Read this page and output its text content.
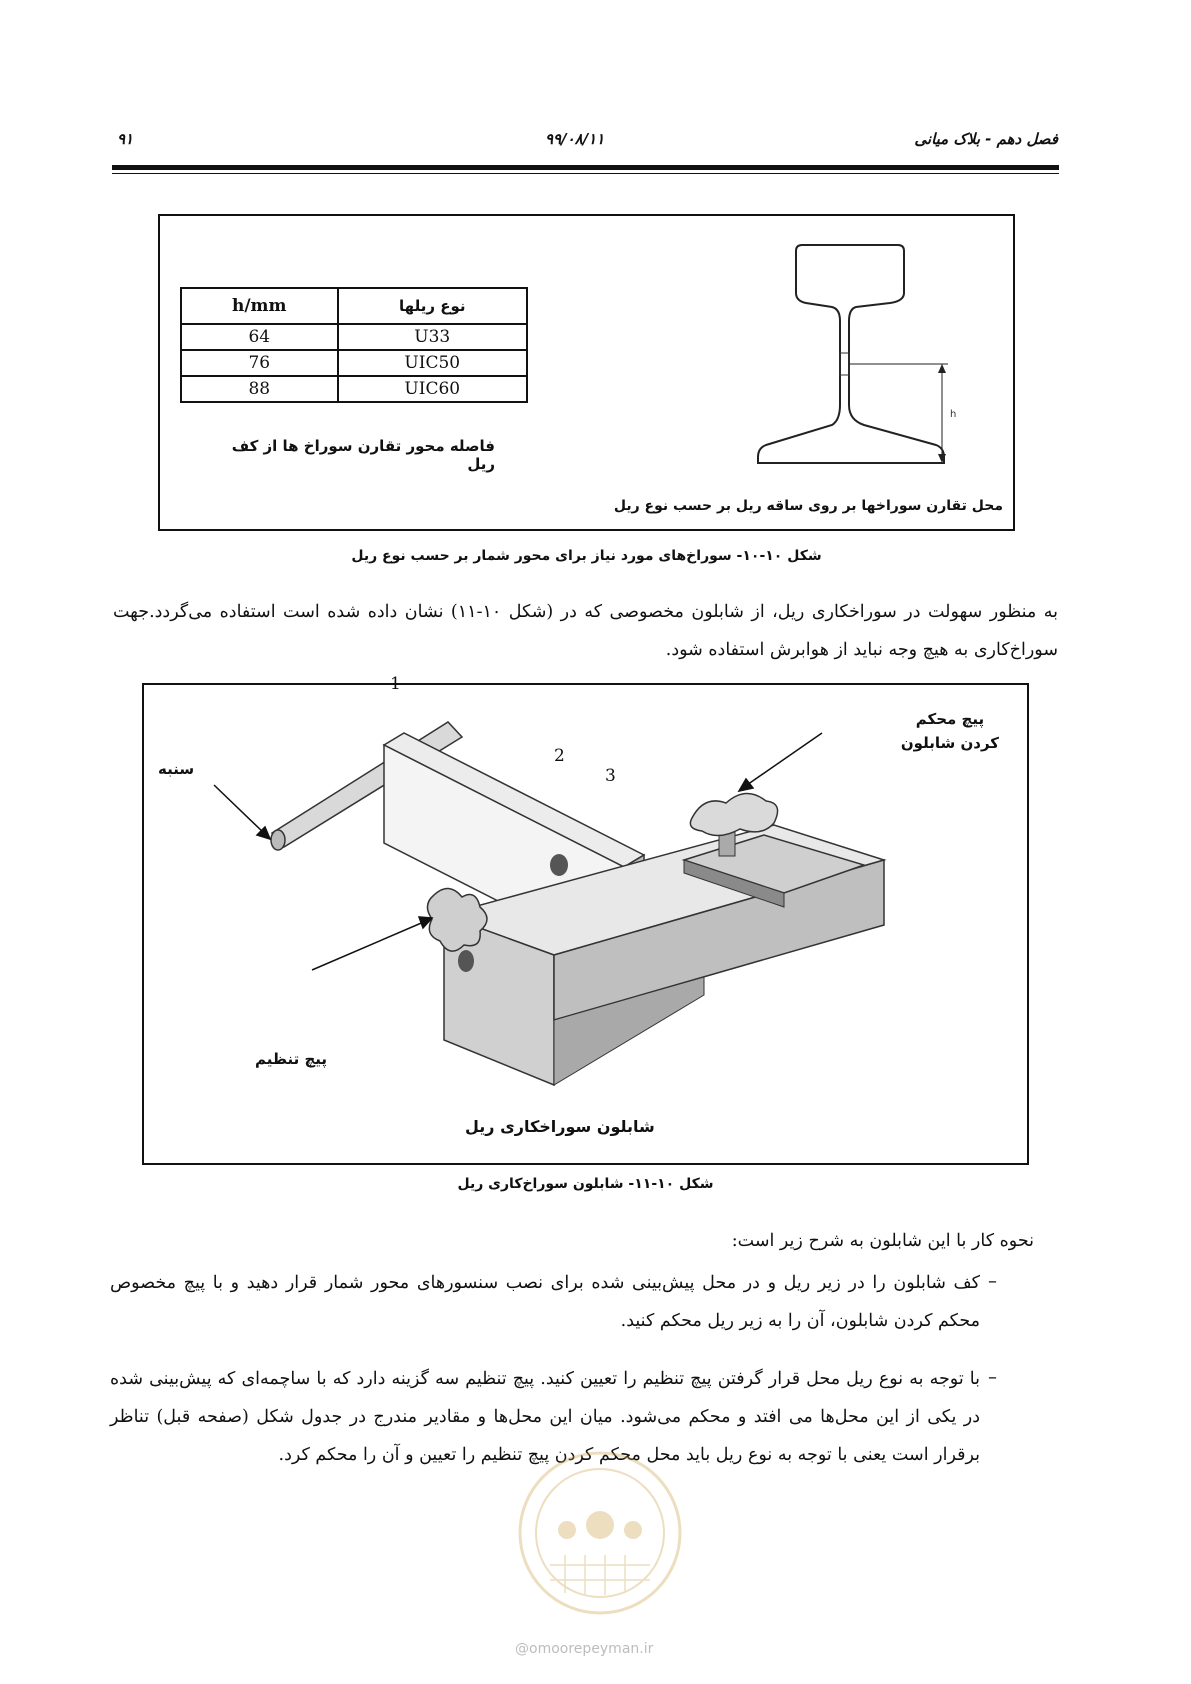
۹۱	۹۹/۰۸/۱۱	فصل دهم - بلاک میانی
h/mm	نوع ریلها
64	U33
76	UIC50
88	UIC60
فاصله محور تقارن سوراخ ها از کف ریل
h
محل تقارن سوراخها بر روی ساقه ریل بر حسب نوع ریل
شکل ۱۰-۱۰- سوراخ‌های مورد نیاز برای محور شمار بر حسب نوع ریل
به منظور سهولت در سوراخکاری ریل، از شابلون مخصوصی که در (شکل ۱۰-۱۱) نشان داده شده است استفاده می‌گردد.جهت سوراخ‌کاری به هیچ وجه نباید از هوابرش استفاده شود.
1
2
3
پیچ محکم
کردن شابلون
سنبه
پیچ تنظیم
شابلون سوراخکاری ریل
شکل ۱۰-۱۱- شابلون سوراخ‌کاری ریل
نحوه کار با این شابلون به شرح زیر است:
کف شابلون را در زیر ریل و در محل پیش‌بینی شده برای نصب سنسورهای محور شمار قرار دهید و با پیچ مخصوص محکم کردن شابلون، آن را به زیر ریل محکم کنید.
–
با توجه به نوع ریل محل قرار گرفتن پیچ تنظیم را تعیین کنید. پیچ تنظیم سه گزینه دارد که با ساچمه‌ای که پیش‌بینی شده در یکی از این محل‌ها می افتد و محکم می‌شود. میان این محل‌ها و مقادیر مندرج در جدول شکل (صفحه قبل) تناظر برقرار است یعنی با توجه به نوع ریل باید محل محکم کردن پیچ تنظیم را تعیین و آن را محکم کرد.
–
@omoorepeyman.ir
